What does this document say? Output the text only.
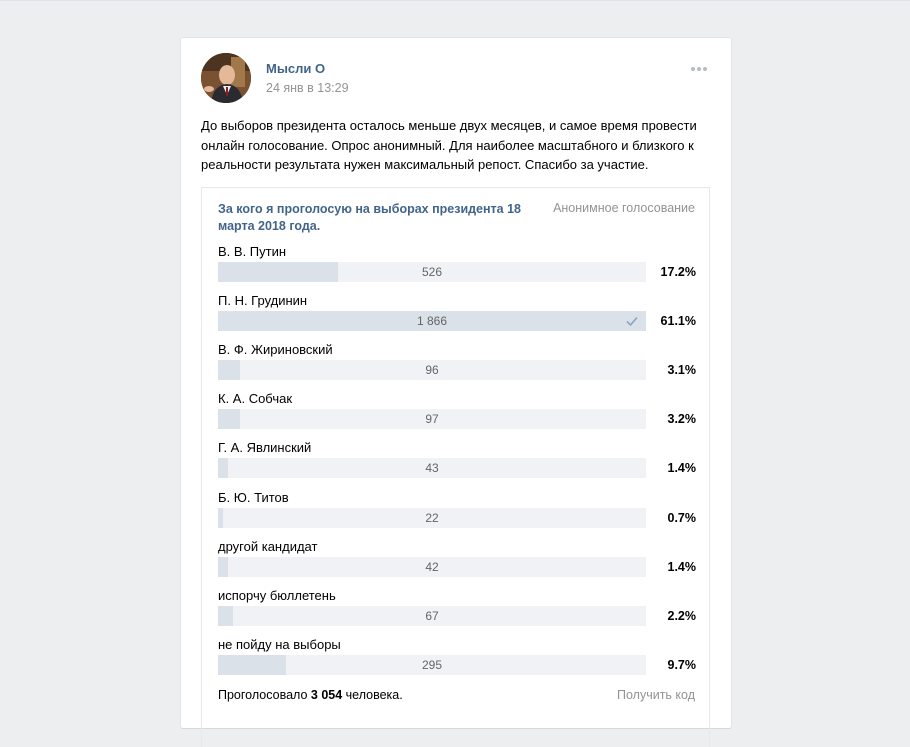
Мысли О
24 янв в 13:29
До выборов президента осталось меньше двух месяцев, и самое время провести онлайн голосование. Опрос анонимный. Для наиболее масштабного и близкого к реальности результата нужен максимальный репост. Спасибо за участие.
За кого я проголосую на выборах президента 18 марта 2018 года.
Анонимное голосование
В. В. Путин
526	17.2%
П. Н. Грудинин
1 866	61.1%
В. Ф. Жириновский
96	3.1%
К. А. Собчак
97	3.2%
Г. А. Явлинский
43	1.4%
Б. Ю. Титов
22	0.7%
другой кандидат
42	1.4%
испорчу бюллетень
67	2.2%
не пойду на выборы
295	9.7%
Проголосовало 3 054 человека.	Получить код
